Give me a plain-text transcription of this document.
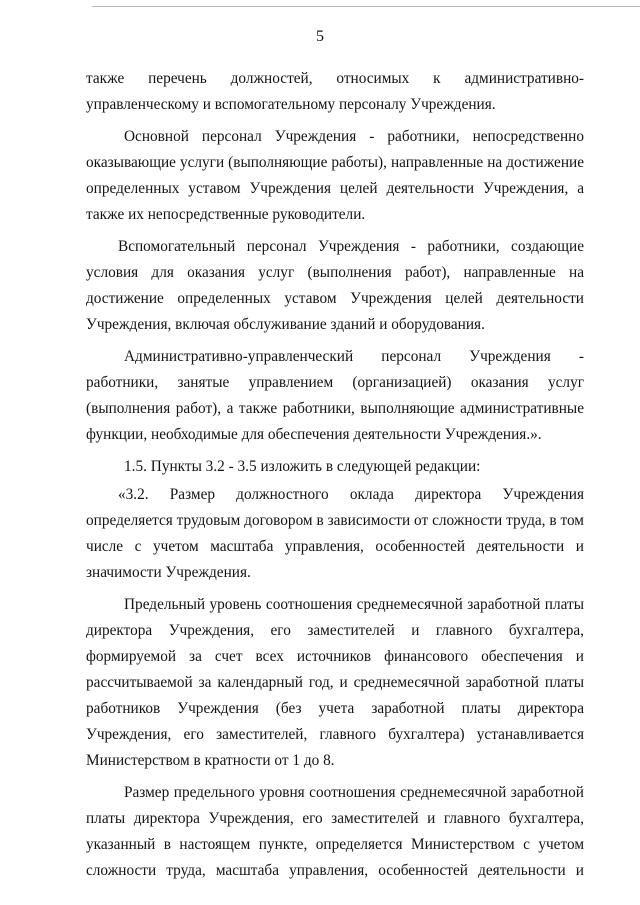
5

также перечень должностей, относимых к административно-управленческому и вспомогательному персоналу Учреждения.

Основной персонал Учреждения - работники, непосредственно оказывающие услуги (выполняющие работы), направленные на достижение определенных уставом Учреждения целей деятельности Учреждения, а также их непосредственные руководители.

Вспомогательный персонал Учреждения - работники, создающие условия для оказания услуг (выполнения работ), направленные на достижение определенных уставом Учреждения целей деятельности Учреждения, включая обслуживание зданий и оборудования.

Административно-управленческий персонал Учреждения - работники, занятые управлением (организацией) оказания услуг (выполнения работ), а также работники, выполняющие административные функции, необходимые для обеспечения деятельности Учреждения.».

1.5. Пункты 3.2 - 3.5 изложить в следующей редакции:

«3.2. Размер должностного оклада директора Учреждения определяется трудовым договором в зависимости от сложности труда, в том числе с учетом масштаба управления, особенностей деятельности и значимости Учреждения.

Предельный уровень соотношения среднемесячной заработной платы директора Учреждения, его заместителей и главного бухгалтера, формируемой за счет всех источников финансового обеспечения и рассчитываемой за календарный год, и среднемесячной заработной платы работников Учреждения (без учета заработной платы директора Учреждения, его заместителей, главного бухгалтера) устанавливается Министерством в кратности от 1 до 8.

Размер предельного уровня соотношения среднемесячной заработной платы директора Учреждения, его заместителей и главного бухгалтера, указанный в настоящем пункте, определяется Министерством с учетом сложности труда, масштаба управления, особенностей деятельности и
